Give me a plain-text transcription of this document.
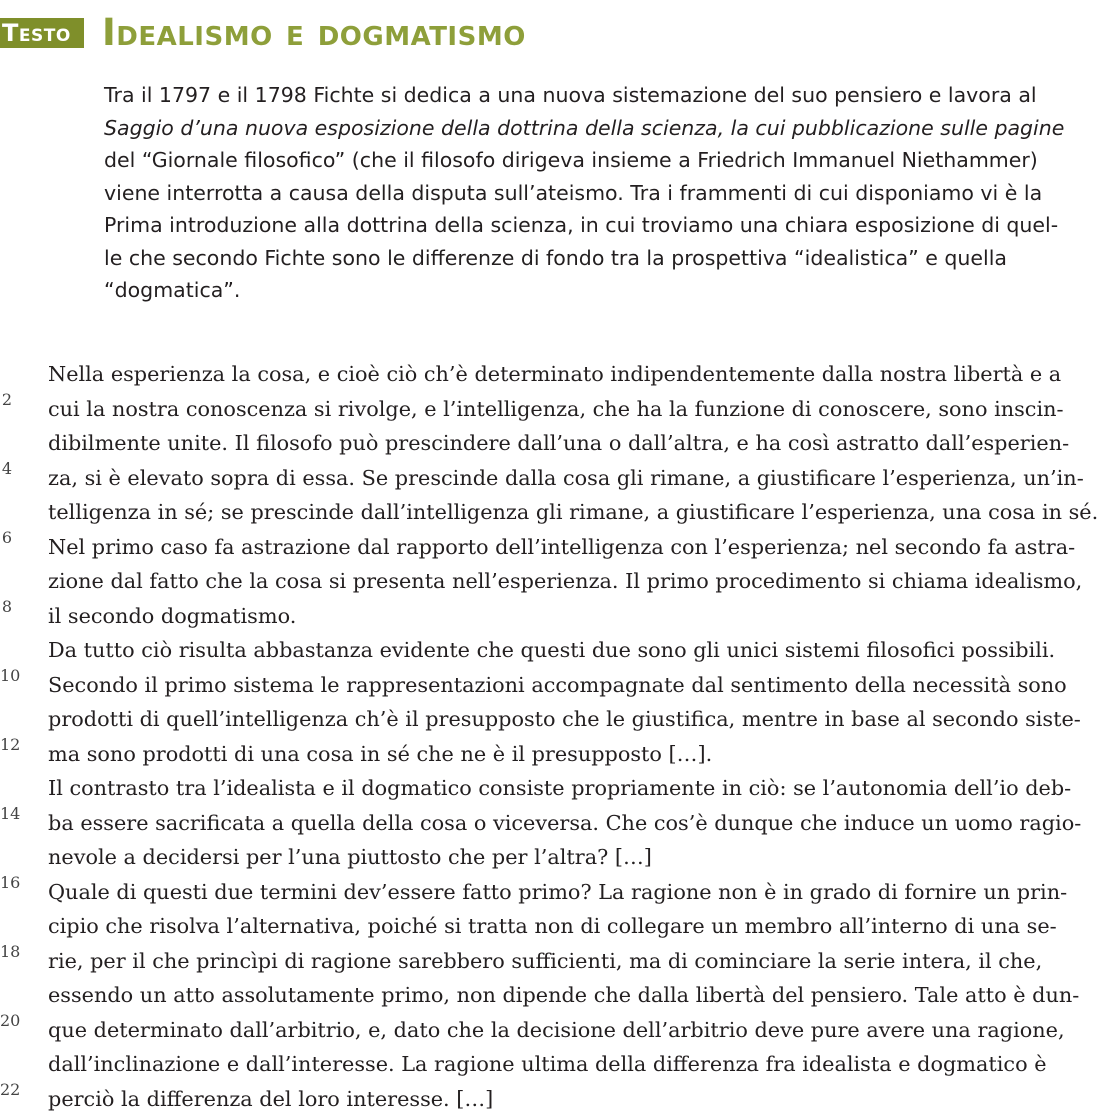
Testo Idealismo e dogmatismo
Tra il 1797 e il 1798 Fichte si dedica a una nuova sistemazione del suo pensiero e lavora al
Saggio d’una nuova esposizione della dottrina della scienza, la cui pubblicazione sulle pagine
del “Giornale filosofico” (che il filosofo dirigeva insieme a Friedrich Immanuel Niethammer)
viene interrotta a causa della disputa sull’ateismo. Tra i frammenti di cui disponiamo vi è la
Prima introduzione alla dottrina della scienza, in cui troviamo una chiara esposizione di quel-
le che secondo Fichte sono le differenze di fondo tra la prospettiva “idealistica” e quella
“dogmatica”.
2
4
6
8
10
12
14
16
18
20
22
Nella esperienza la cosa, e cioè ciò ch’è determinato indipendentemente dalla nostra libertà e a
cui la nostra conoscenza si rivolge, e l’intelligenza, che ha la funzione di conoscere, sono inscin-
dibilmente unite. Il filosofo può prescindere dall’una o dall’altra, e ha così astratto dall’esperien-
za, si è elevato sopra di essa. Se prescinde dalla cosa gli rimane, a giustificare l’esperienza, un’in-
telligenza in sé; se prescinde dall’intelligenza gli rimane, a giustificare l’esperienza, una cosa in sé.
Nel primo caso fa astrazione dal rapporto dell’intelligenza con l’esperienza; nel secondo fa astra-
zione dal fatto che la cosa si presenta nell’esperienza. Il primo procedimento si chiama idealismo,
il secondo dogmatismo.
Da tutto ciò risulta abbastanza evidente che questi due sono gli unici sistemi filosofici possibili.
Secondo il primo sistema le rappresentazioni accompagnate dal sentimento della necessità sono
prodotti di quell’intelligenza ch’è il presupposto che le giustifica, mentre in base al secondo siste-
ma sono prodotti di una cosa in sé che ne è il presupposto […].
Il contrasto tra l’idealista e il dogmatico consiste propriamente in ciò: se l’autonomia dell’io deb-
ba essere sacrificata a quella della cosa o viceversa. Che cos’è dunque che induce un uomo ragio-
nevole a decidersi per l’una piuttosto che per l’altra? […]
Quale di questi due termini dev’essere fatto primo? La ragione non è in grado di fornire un prin-
cipio che risolva l’alternativa, poiché si tratta non di collegare un membro all’interno di una se-
rie, per il che princìpi di ragione sarebbero sufficienti, ma di cominciare la serie intera, il che,
essendo un atto assolutamente primo, non dipende che dalla libertà del pensiero. Tale atto è dun-
que determinato dall’arbitrio, e, dato che la decisione dell’arbitrio deve pure avere una ragione,
dall’inclinazione e dall’interesse. La ragione ultima della differenza fra idealista e dogmatico è
perciò la differenza del loro interesse. […]
